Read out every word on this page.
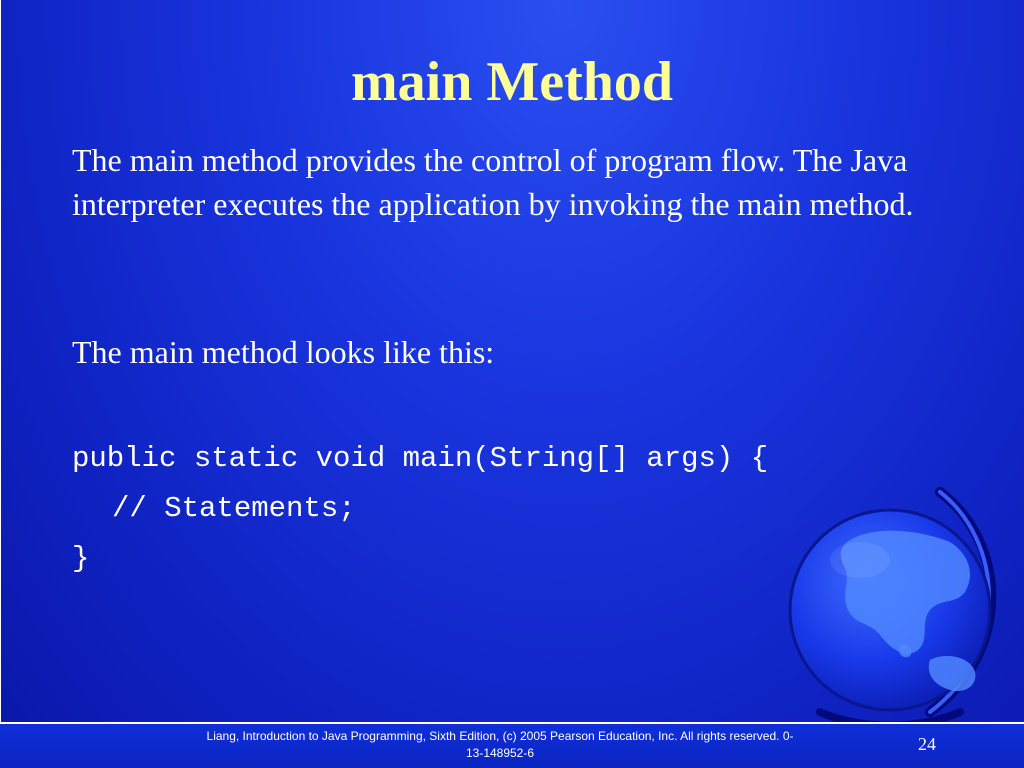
main Method

The main method provides the control of program flow. The Java interpreter executes the application by invoking the main method.

The main method looks like this:

public static void main(String[] args) {
// Statements;
}

Liang, Introduction to Java Programming, Sixth Edition, (c) 2005 Pearson Education, Inc. All rights reserved. 0-13-148952-6	24
